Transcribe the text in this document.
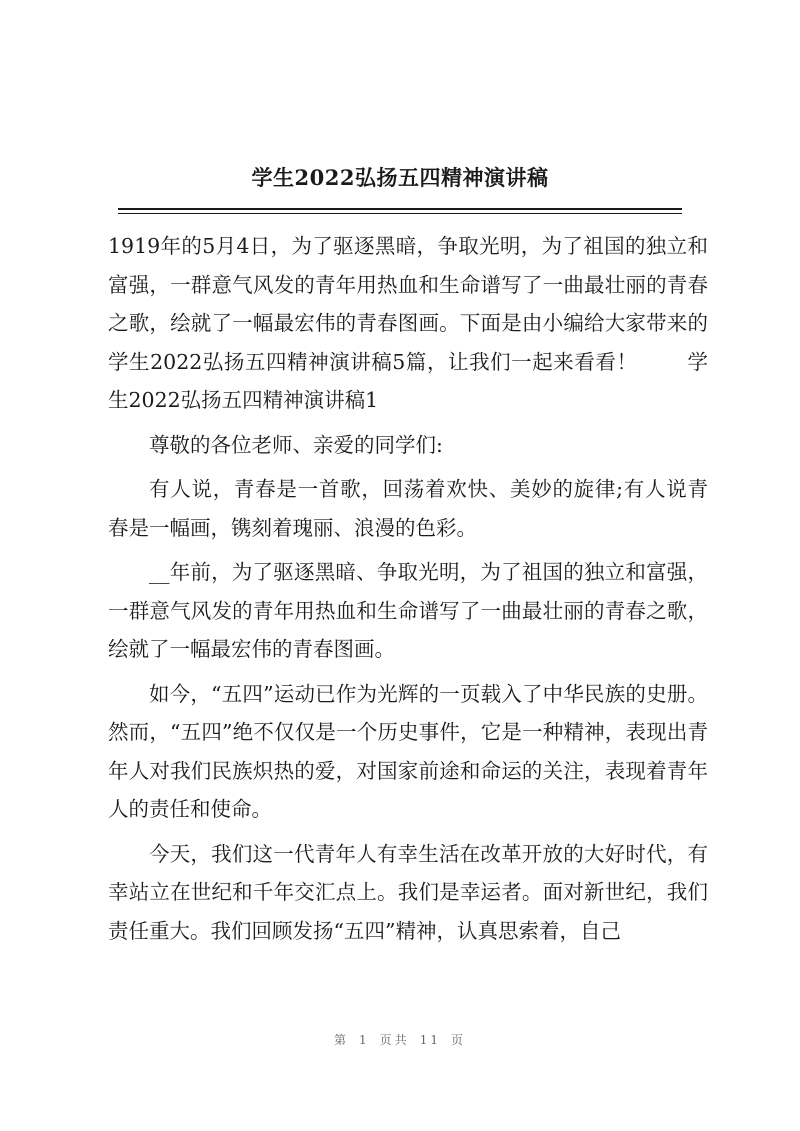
学生2022弘扬五四精神演讲稿

1919年的5月4日，为了驱逐黑暗，争取光明，为了祖国的独立和富强，一群意气风发的青年用热血和生命谱写了一曲最壮丽的青春之歌，绘就了一幅最宏伟的青春图画。下面是由小编给大家带来的学生2022弘扬五四精神演讲稿5篇，让我们一起来看看！ 学生2022弘扬五四精神演讲稿1

尊敬的各位老师、亲爱的同学们:

有人说，青春是一首歌，回荡着欢快、美妙的旋律;有人说青春是一幅画，镌刻着瑰丽、浪漫的色彩。

__年前，为了驱逐黑暗、争取光明，为了祖国的独立和富强，一群意气风发的青年用热血和生命谱写了一曲最壮丽的青春之歌，绘就了一幅最宏伟的青春图画。

如今，“五四”运动已作为光辉的一页载入了中华民族的史册。然而，“五四”绝不仅仅是一个历史事件，它是一种精神，表现出青年人对我们民族炽热的爱，对国家前途和命运的关注，表现着青年人的责任和使命。

今天，我们这一代青年人有幸生活在改革开放的大好时代，有幸站立在世纪和千年交汇点上。我们是幸运者。面对新世纪，我们责任重大。我们回顾发扬“五四”精神，认真思索着，自己

第 1 页共 11 页
